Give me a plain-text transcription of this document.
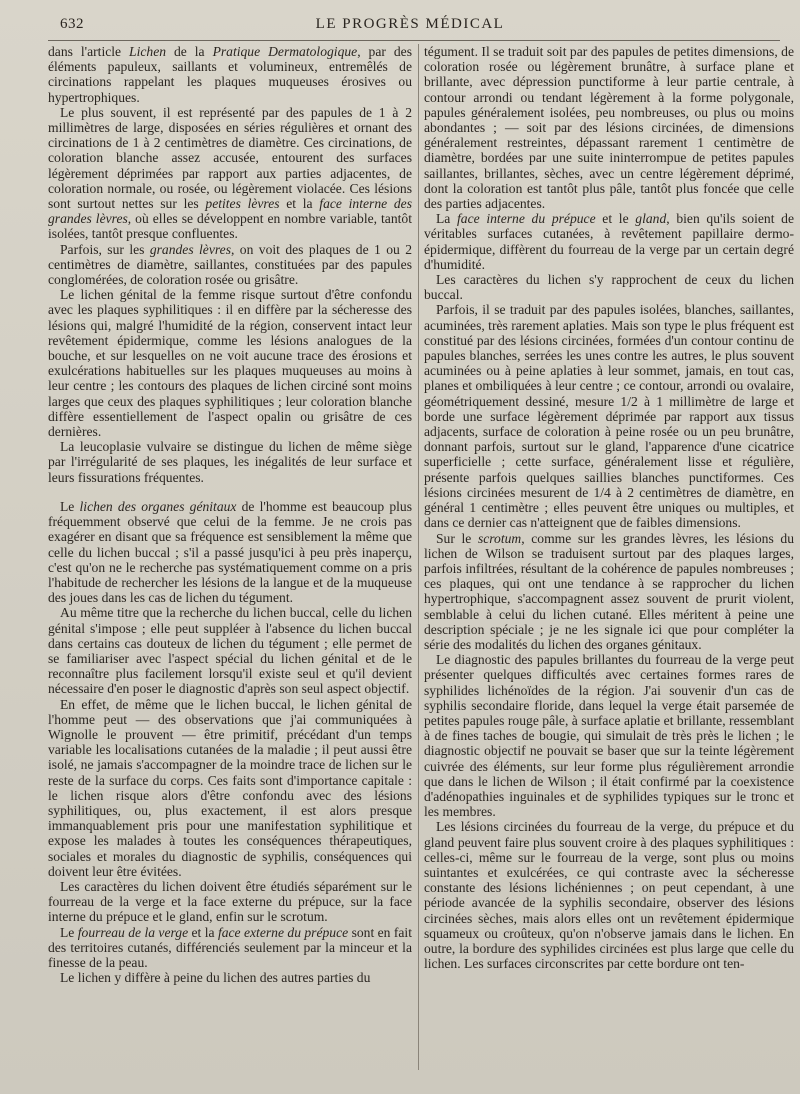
632	LE PROGRÈS MÉDICAL

dans l'article Lichen de la Pratique Dermatologique, par des éléments papuleux, saillants et volumineux, entremêlés de circinations rappelant les plaques muqueuses érosives ou hypertrophiques.

Le plus souvent, il est représenté par des papules de 1 à 2 millimètres de large, disposées en séries régulières et ornant des circinations de 1 à 2 centimètres de diamètre. Ces circinations, de coloration blanche assez accusée, entourent des surfaces légèrement déprimées par rapport aux parties adjacentes, de coloration normale, ou rosée, ou légèrement violacée. Ces lésions sont surtout nettes sur les petites lèvres et la face interne des grandes lèvres, où elles se développent en nombre variable, tantôt isolées, tantôt presque confluentes.

Parfois, sur les grandes lèvres, on voit des plaques de 1 ou 2 centimètres de diamètre, saillantes, constituées par des papules conglomérées, de coloration rosée ou grisâtre.

Le lichen génital de la femme risque surtout d'être confondu avec les plaques syphilitiques : il en diffère par la sécheresse des lésions qui, malgré l'humidité de la région, conservent intact leur revêtement épidermique, comme les lésions analogues de la bouche, et sur lesquelles on ne voit aucune trace des érosions et exulcérations habituelles sur les plaques muqueuses au moins à leur centre ; les contours des plaques de lichen circiné sont moins larges que ceux des plaques syphilitiques ; leur coloration blanche diffère essentiellement de l'aspect opalin ou grisâtre de ces dernières.

La leucoplasie vulvaire se distingue du lichen de même siège par l'irrégularité de ses plaques, les inégalités de leur surface et leurs fissurations fréquentes.

Le lichen des organes génitaux de l'homme est beaucoup plus fréquemment observé que celui de la femme. Je ne crois pas exagérer en disant que sa fréquence est sensiblement la même que celle du lichen buccal ; s'il a passé jusqu'ici à peu près inaperçu, c'est qu'on ne le recherche pas systématiquement comme on a pris l'habitude de rechercher les lésions de la langue et de la muqueuse des joues dans les cas de lichen du tégument.

Au même titre que la recherche du lichen buccal, celle du lichen génital s'impose ; elle peut suppléer à l'absence du lichen buccal dans certains cas douteux de lichen du tégument ; elle permet de se familiariser avec l'aspect spécial du lichen génital et de le reconnaître plus facilement lorsqu'il existe seul et qu'il devient nécessaire d'en poser le diagnostic d'après son seul aspect objectif.

En effet, de même que le lichen buccal, le lichen génital de l'homme peut — des observations que j'ai communiquées à Wignolle le prouvent — être primitif, précédant d'un temps variable les localisations cutanées de la maladie ; il peut aussi être isolé, ne jamais s'accompagner de la moindre trace de lichen sur le reste de la surface du corps. Ces faits sont d'importance capitale : le lichen risque alors d'être confondu avec des lésions syphilitiques, ou, plus exactement, il est alors presque immanquablement pris pour une manifestation syphilitique et expose les malades à toutes les conséquences thérapeutiques, sociales et morales du diagnostic de syphilis, conséquences qui doivent leur être évitées.

Les caractères du lichen doivent être étudiés séparément sur le fourreau de la verge et la face externe du prépuce, sur la face interne du prépuce et le gland, enfin sur le scrotum.

Le fourreau de la verge et la face externe du prépuce sont en fait des territoires cutanés, différenciés seulement par la minceur et la finesse de la peau.

Le lichen y diffère à peine du lichen des autres parties du

tégument. Il se traduit soit par des papules de petites dimensions, de coloration rosée ou légèrement brunâtre, à surface plane et brillante, avec dépression punctiforme à leur partie centrale, à contour arrondi ou tendant légèrement à la forme polygonale, papules généralement isolées, peu nombreuses, ou plus ou moins abondantes ; — soit par des lésions circinées, de dimensions généralement restreintes, dépassant rarement 1 centimètre de diamètre, bordées par une suite ininterrompue de petites papules saillantes, brillantes, sèches, avec un centre légèrement déprimé, dont la coloration est tantôt plus pâle, tantôt plus foncée que celle des parties adjacentes.

La face interne du prépuce et le gland, bien qu'ils soient de véritables surfaces cutanées, à revêtement papillaire dermo-épidermique, diffèrent du fourreau de la verge par un certain degré d'humidité.

Les caractères du lichen s'y rapprochent de ceux du lichen buccal.

Parfois, il se traduit par des papules isolées, blanches, saillantes, acuminées, très rarement aplaties. Mais son type le plus fréquent est constitué par des lésions circinées, formées d'un contour continu de papules blanches, serrées les unes contre les autres, le plus souvent acuminées ou à peine aplaties à leur sommet, jamais, en tout cas, planes et ombiliquées à leur centre ; ce contour, arrondi ou ovalaire, géométriquement dessiné, mesure 1/2 à 1 millimètre de large et borde une surface légèrement déprimée par rapport aux tissus adjacents, surface de coloration à peine rosée ou un peu brunâtre, donnant parfois, surtout sur le gland, l'apparence d'une cicatrice superficielle ; cette surface, généralement lisse et régulière, présente parfois quelques saillies blanches punctiformes. Ces lésions circinées mesurent de 1/4 à 2 centimètres de diamètre, en général 1 centimètre ; elles peuvent être uniques ou multiples, et dans ce dernier cas n'atteignent que de faibles dimensions.

Sur le scrotum, comme sur les grandes lèvres, les lésions du lichen de Wilson se traduisent surtout par des plaques larges, parfois infiltrées, résultant de la cohérence de papules nombreuses ; ces plaques, qui ont une tendance à se rapprocher du lichen hypertrophique, s'accompagnent assez souvent de prurit violent, semblable à celui du lichen cutané. Elles méritent à peine une description spéciale ; je ne les signale ici que pour compléter la série des modalités du lichen des organes génitaux.

Le diagnostic des papules brillantes du fourreau de la verge peut présenter quelques difficultés avec certaines formes rares de syphilides lichénoïdes de la région. J'ai souvenir d'un cas de syphilis secondaire floride, dans lequel la verge était parsemée de petites papules rouge pâle, à surface aplatie et brillante, ressemblant à de fines taches de bougie, qui simulait de très près le lichen ; le diagnostic objectif ne pouvait se baser que sur la teinte légèrement cuivrée des éléments, sur leur forme plus régulièrement arrondie que dans le lichen de Wilson ; il était confirmé par la coexistence d'adénopathies inguinales et de syphilides typiques sur le tronc et les membres.

Les lésions circinées du fourreau de la verge, du prépuce et du gland peuvent faire plus souvent croire à des plaques syphilitiques : celles-ci, même sur le fourreau de la verge, sont plus ou moins suintantes et exulcérées, ce qui contraste avec la sécheresse constante des lésions lichéniennes ; on peut cependant, à une période avancée de la syphilis secondaire, observer des lésions circinées sèches, mais alors elles ont un revêtement épidermique squameux ou croûteux, qu'on n'observe jamais dans le lichen. En outre, la bordure des syphilides circinées est plus large que celle du lichen. Les surfaces circonscrites par cette bordure ont ten-
